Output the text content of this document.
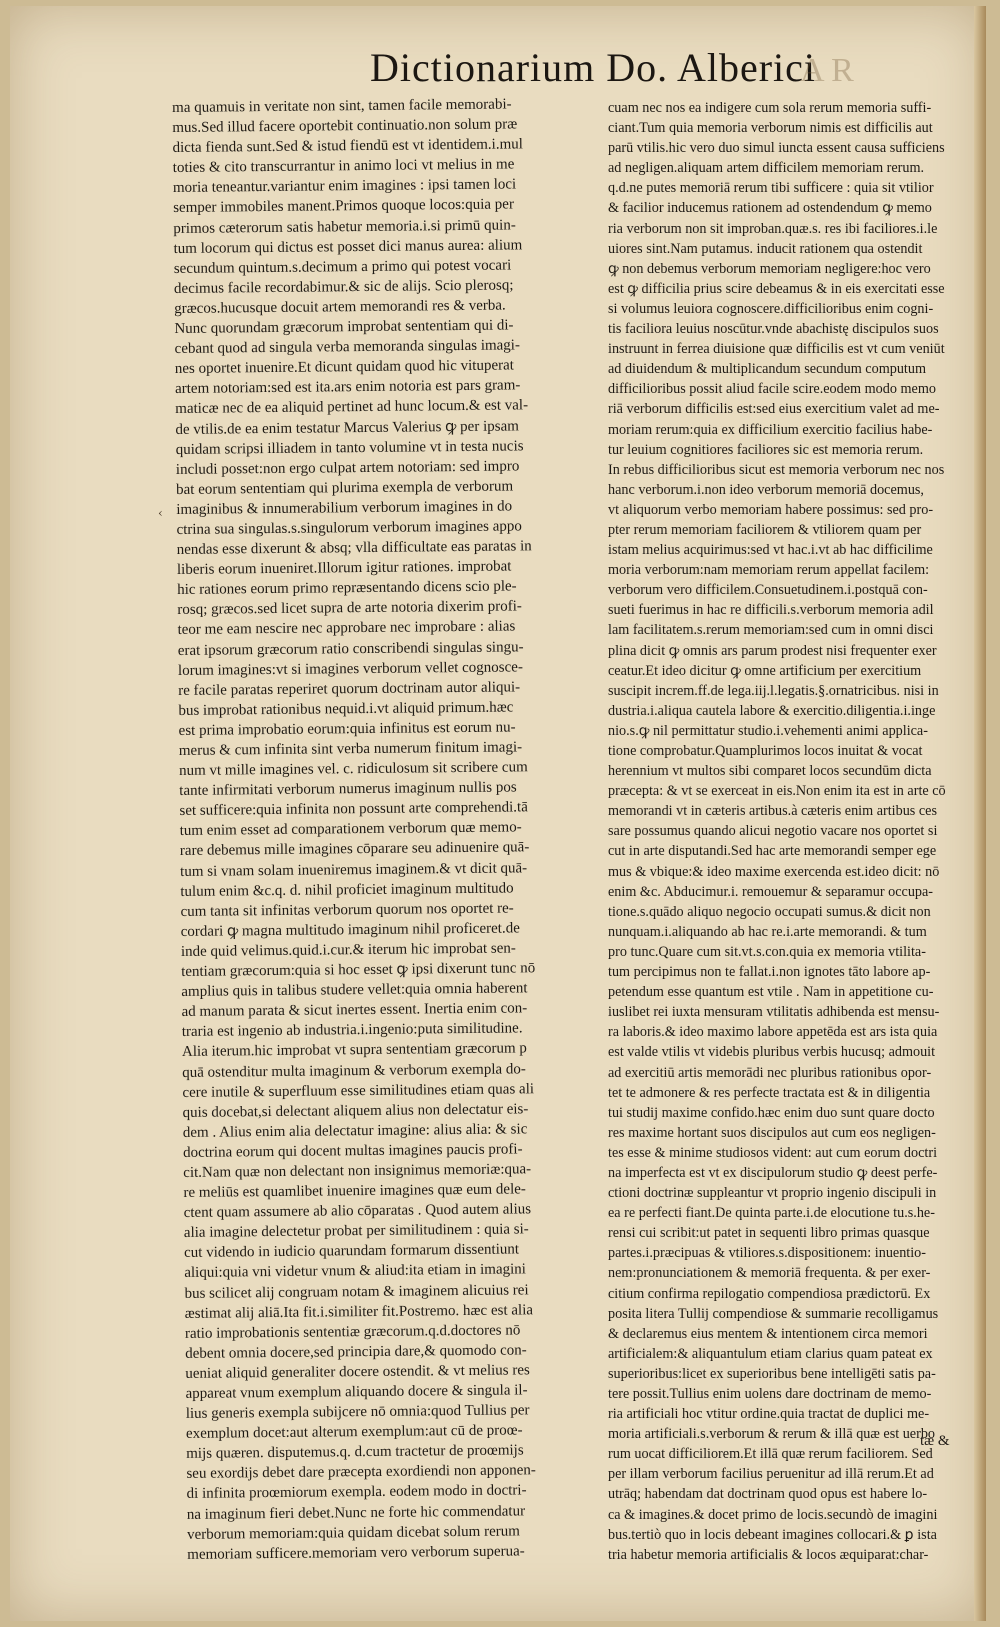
Dictionarium Do. Alberici
A R
ma quamuis in veritate non sint, tamen facile memorabi-
mus.Sed illud facere oportebit continuatio.non solum præ
dicta fienda sunt.Sed & istud fiendū est vt identidem.i.mul
toties & cito transcurrantur in animo loci vt melius in me
moria teneantur.variantur enim imagines : ipsi tamen loci
semper immobiles manent.Primos quoque locos:quia per
primos cæterorum satis habetur memoria.i.si primū quin-
tum locorum qui dictus est posset dici manus aurea: alium
secundum quintum.s.decimum a primo qui potest vocari
decimus facile recordabimur.& sic de alijs. Scio plerosq;
græcos.hucusque docuit artem memorandi res & verba.
Nunc quorundam græcorum improbat sententiam qui di-
cebant quod ad singula verba memoranda singulas imagi-
nes oportet inuenire.Et dicunt quidam quod hic vituperat
artem notoriam:sed est ita.ars enim notoria est pars gram-
maticæ nec de ea aliquid pertinet ad hunc locum.& est val-
de vtilis.de ea enim testatur Marcus Valerius ꝙ per ipsam
quidam scripsi illiadem in tanto volumine vt in testa nucis
includi posset:non ergo culpat artem notoriam: sed impro
bat eorum sententiam qui plurima exempla de verborum
imaginibus & innumerabilium verborum imagines in do
ctrina sua singulas.s.singulorum verborum imagines appo
nendas esse dixerunt & absq; vlla difficultate eas paratas in
liberis eorum inueniret.Illorum igitur rationes. improbat
hic rationes eorum primo repræsentando dicens scio ple-
rosq; græcos.sed licet supra de arte notoria dixerim profi-
teor me eam nescire nec approbare nec improbare : alias
erat ipsorum græcorum ratio conscribendi singulas singu-
lorum imagines:vt si imagines verborum vellet cognosce-
re facile paratas reperiret quorum doctrinam autor aliqui-
bus improbat rationibus nequid.i.vt aliquid primum.hæc
est prima improbatio eorum:quia infinitus est eorum nu-
merus & cum infinita sint verba numerum finitum imagi-
num vt mille imagines vel. c. ridiculosum sit scribere cum
tante infirmitati verborum numerus imaginum nullis pos
set sufficere:quia infinita non possunt arte comprehendi.tā
tum enim esset ad comparationem verborum quæ memo-
rare debemus mille imagines cōparare seu adinuenire quā-
tum si vnam solam inueniremus imaginem.& vt dicit quā-
tulum enim &c.q. d. nihil proficiet imaginum multitudo
cum tanta sit infinitas verborum quorum nos oportet re-
cordari ꝙ magna multitudo imaginum nihil proficeret.de
inde quid velimus.quid.i.cur.& iterum hic improbat sen-
tentiam græcorum:quia si hoc esset ꝙ ipsi dixerunt tunc nō
amplius quis in talibus studere vellet:quia omnia haberent
ad manum parata & sicut inertes essent. Inertia enim con-
traria est ingenio ab industria.i.ingenio:puta similitudine.
Alia iterum.hic improbat vt supra sententiam græcorum p
quā ostenditur multa imaginum & verborum exempla do-
cere inutile & superfluum esse similitudines etiam quas ali
quis docebat,si delectant aliquem alius non delectatur eis-
dem . Alius enim alia delectatur imagine: alius alia: & sic
doctrina eorum qui docent multas imagines paucis profi-
cit.Nam quæ non delectant non insignimus memoriæ:qua-
re meliūs est quamlibet inuenire imagines quæ eum dele-
ctent quam assumere ab alio cōparatas . Quod autem alius
alia imagine delectetur probat per similitudinem : quia si-
cut videndo in iudicio quarundam formarum dissentiunt
aliqui:quia vni videtur vnum & aliud:ita etiam in imagini
bus scilicet alij congruam notam & imaginem alicuius rei
æstimat alij aliā.Ita fit.i.similiter fit.Postremo. hæc est alia
ratio improbationis sententiæ græcorum.q.d.doctores nō
debent omnia docere,sed principia dare,& quomodo con-
ueniat aliquid generaliter docere ostendit. & vt melius res
appareat vnum exemplum aliquando docere & singula il-
lius generis exempla subijcere nō omnia:quod Tullius per
exemplum docet:aut alterum exemplum:aut cū de proœ-
mijs quæren. disputemus.q. d.cum tractetur de proœmijs
seu exordijs debet dare præcepta exordiendi non apponen-
di infinita proœmiorum exempla. eodem modo in doctri-
na imaginum fieri debet.Nunc ne forte hic commendatur
verborum memoriam:quia quidam dicebat solum rerum
memoriam sufficere.memoriam vero verborum superua-
cuam nec nos ea indigere cum sola rerum memoria suffi-
ciant.Tum quia memoria verborum nimis est difficilis aut
parū vtilis.hic vero duo simul iuncta essent causa sufficiens
ad negligen.aliquam artem difficilem memoriam rerum.
q.d.ne putes memoriā rerum tibi sufficere : quia sit vtilior
& facilior inducemus rationem ad ostendendum ꝙ memo
ria verborum non sit improban.quæ.s. res ibi faciliores.i.le
uiores sint.Nam putamus. inducit rationem qua ostendit
ꝙ non debemus verborum memoriam negligere:hoc vero
est ꝙ difficilia prius scire debeamus & in eis exercitati esse
si volumus leuiora cognoscere.difficilioribus enim cogni-
tis faciliora leuius noscūtur.vnde abachistę discipulos suos
instruunt in ferrea diuisione quæ difficilis est vt cum veniūt
ad diuidendum & multiplicandum secundum computum
difficilioribus possit aliud facile scire.eodem modo memo
riā verborum difficilis est:sed eius exercitium valet ad me-
moriam rerum:quia ex difficilium exercitio facilius habe-
tur leuium cognitiores faciliores sic est memoria rerum.
In rebus difficilioribus sicut est memoria verborum nec nos
hanc verborum.i.non ideo verborum memoriā docemus,
vt aliquorum verbo memoriam habere possimus: sed pro-
pter rerum memoriam faciliorem & vtiliorem quam per
istam melius acquirimus:sed vt hac.i.vt ab hac difficilime
moria verborum:nam memoriam rerum appellat facilem:
verborum vero difficilem.Consuetudinem.i.postquā con-
sueti fuerimus in hac re difficili.s.verborum memoria adil
lam facilitatem.s.rerum memoriam:sed cum in omni disci
plina dicit ꝙ omnis ars parum prodest nisi frequenter exer
ceatur.Et ideo dicitur ꝙ omne artificium per exercitium
suscipit increm.ff.de lega.iij.l.legatis.§.ornatricibus. nisi in
dustria.i.aliqua cautela labore & exercitio.diligentia.i.inge
nio.s.ꝙ nil permittatur studio.i.vehementi animi applica-
tione comprobatur.Quamplurimos locos inuitat & vocat
herennium vt multos sibi comparet locos secundūm dicta
præcepta: & vt se exerceat in eis.Non enim ita est in arte cō
memorandi vt in cæteris artibus.à cæteris enim artibus ces
sare possumus quando alicui negotio vacare nos oportet si
cut in arte disputandi.Sed hac arte memorandi semper ege
mus & vbique:& ideo maxime exercenda est.ideo dicit: nō
enim &c. Abducimur.i. remouemur & separamur occupa-
tione.s.quādo aliquo negocio occupati sumus.& dicit non
nunquam.i.aliquando ab hac re.i.arte memorandi. & tum
pro tunc.Quare cum sit.vt.s.con.quia ex memoria vtilita-
tum percipimus non te fallat.i.non ignotes tāto labore ap-
petendum esse quantum est vtile . Nam in appetitione cu-
iuslibet rei iuxta mensuram vtilitatis adhibenda est mensu-
ra laboris.& ideo maximo labore appetēda est ars ista quia
est valde vtilis vt videbis pluribus verbis hucusq; admouit
ad exercitiū artis memorādi nec pluribus rationibus opor-
tet te admonere & res perfecte tractata est & in diligentia
tui studij maxime confido.hæc enim duo sunt quare docto
res maxime hortant suos discipulos aut cum eos negligen-
tes esse & minime studiosos vident: aut cum eorum doctri
na imperfecta est vt ex discipulorum studio ꝙ deest perfe-
ctioni doctrinæ suppleantur vt proprio ingenio discipuli in
ea re perfecti fiant.De quinta parte.i.de elocutione tu.s.he-
rensi cui scribit:ut patet in sequenti libro primas quasque
partes.i.præcipuas & vtiliores.s.dispositionem: inuentio-
nem:pronunciationem & memoriā frequenta. & per exer-
citium confirma repilogatio compendiosa prædictorū. Ex
posita litera Tullij compendiose & summarie recolligamus
& declaremus eius mentem & intentionem circa memori
artificialem:& aliquantulum etiam clarius quam pateat ex
superioribus:licet ex superioribus bene intelligēti satis pa-
tere possit.Tullius enim uolens dare doctrinam de memo-
ria artificiali hoc vtitur ordine.quia tractat de duplici me-
moria artificiali.s.verborum & rerum & illā quæ est uerbo
rum uocat difficiliorem.Et illā quæ rerum faciliorem. Sed
per illam verborum facilius peruenitur ad illā rerum.Et ad
utrāq; habendam dat doctrinam quod opus est habere lo-
ca & imagines.& docet primo de locis.secundò de imagini
bus.tertiò quo in locis debeant imagines collocari.& ꝑ ista
tria habetur memoria artificialis & locos æquiparat:char-
‹
tæ &
